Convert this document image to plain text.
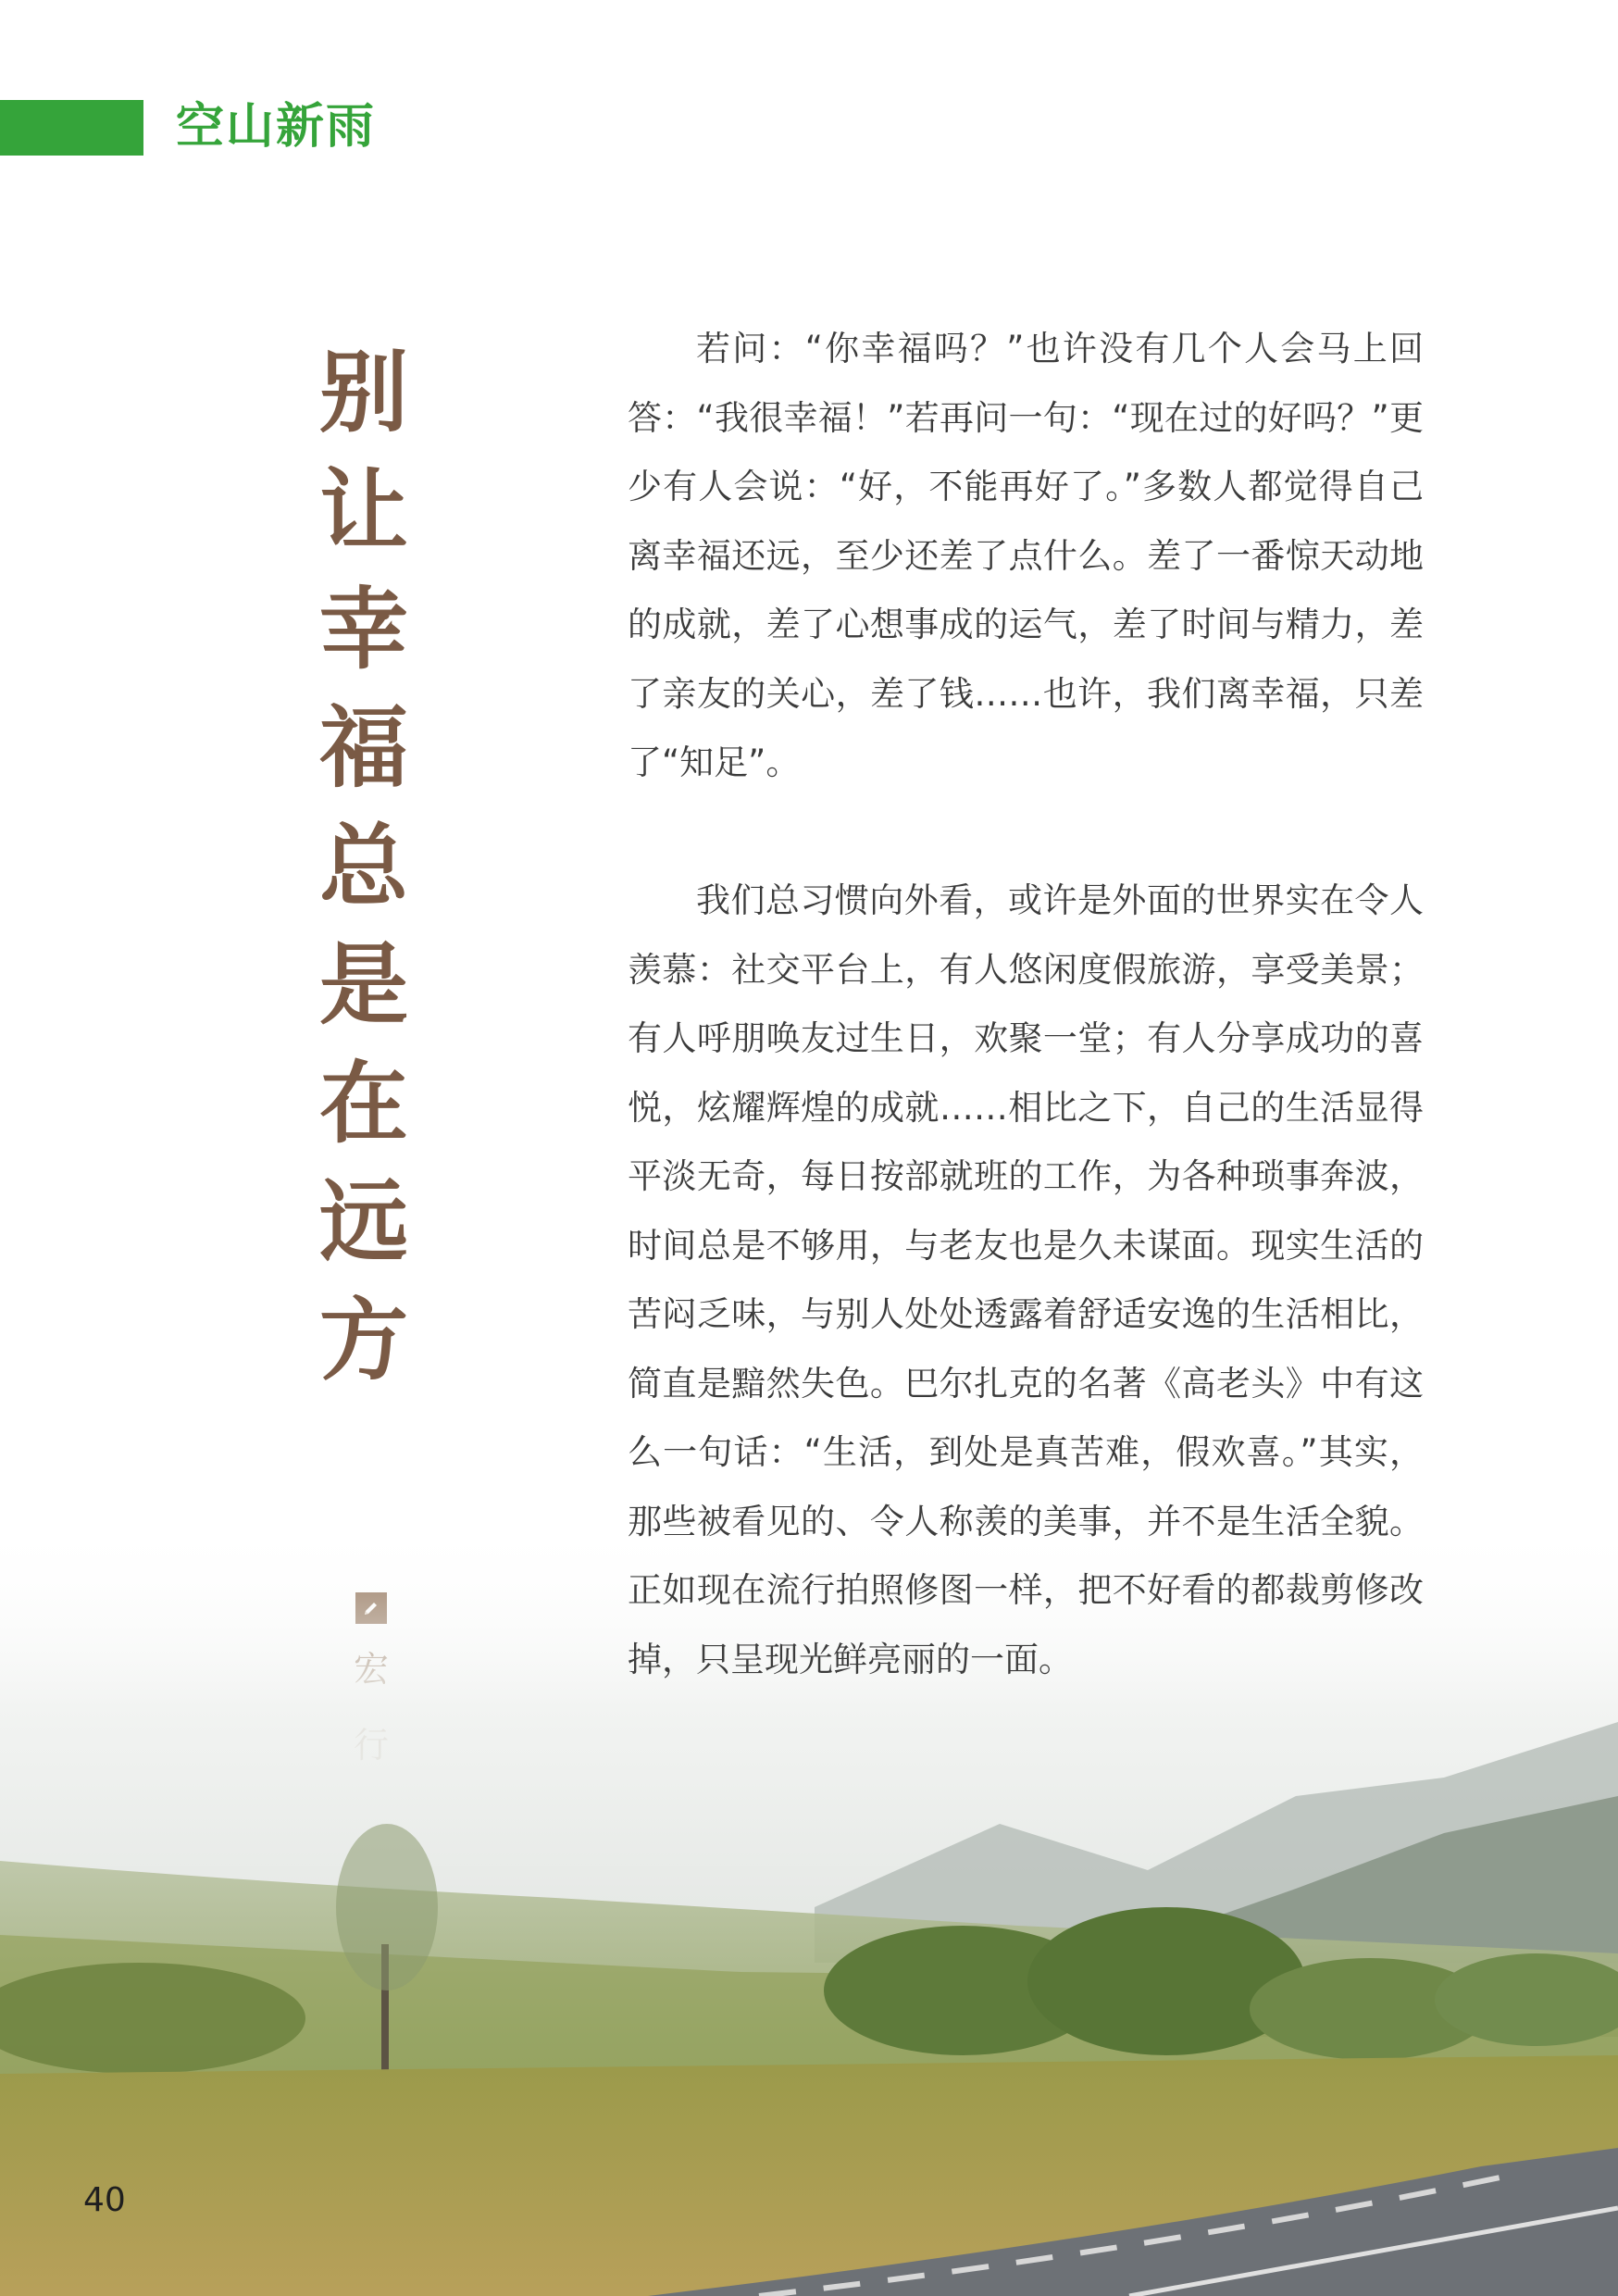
空山新雨
别
让
幸
福
总
是
在
远
方

若问：“你幸福吗？”也许没有几个人会马上回答：“我很幸福！”若再问一句：“现在过的好吗？”更少有人会说：“好，不能再好了。”多数人都觉得自己离幸福还远，至少还差了点什么。差了一番惊天动地的成就，差了心想事成的运气，差了时间与精力，差了亲友的关心，差了钱……也许，我们离幸福，只差了“知足”。

我们总习惯向外看，或许是外面的世界实在令人羡慕：社交平台上，有人悠闲度假旅游，享受美景；有人呼朋唤友过生日，欢聚一堂；有人分享成功的喜悦，炫耀辉煌的成就……相比之下，自己的生活显得平淡无奇，每日按部就班的工作，为各种琐事奔波，时间总是不够用，与老友也是久未谋面。现实生活的苦闷乏味，与别人处处透露着舒适安逸的生活相比，简直是黯然失色。巴尔扎克的名著《高老头》中有这么一句话：“生活，到处是真苦难，假欢喜。”其实，那些被看见的、令人称羡的美事，并不是生活全貌。正如现在流行拍照修图一样，把不好看的都裁剪修改掉，只呈现光鲜亮丽的一面。

40
